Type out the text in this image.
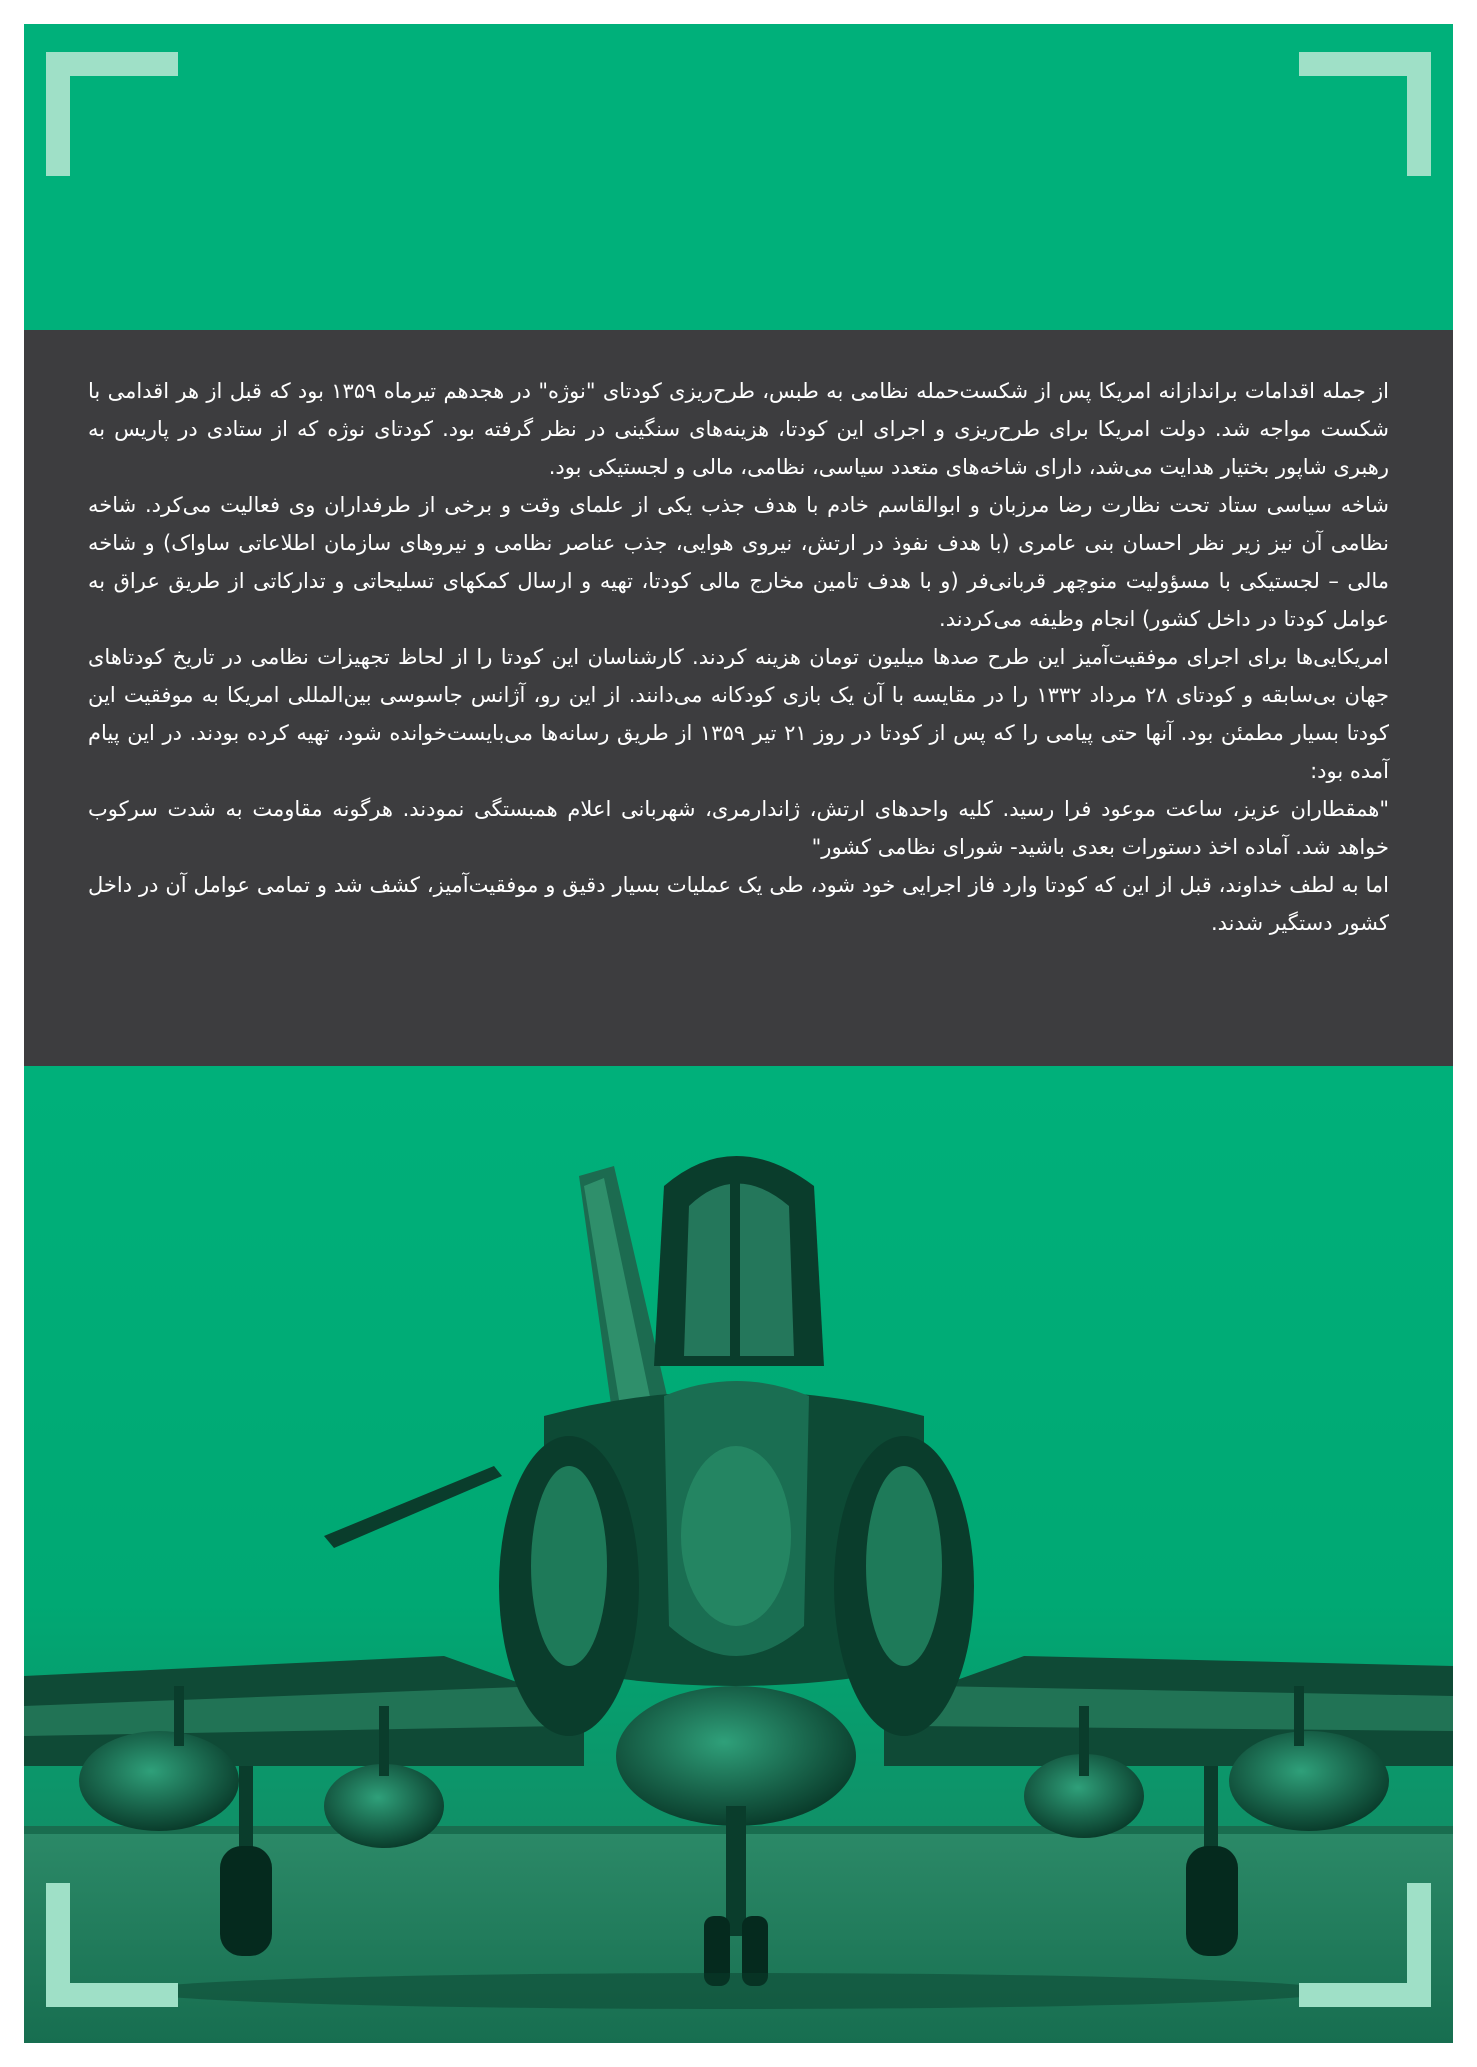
از جمله اقدامات براندازانه امریکا پس از شکست‌حمله نظامی به طبس، طرح‌ریزی کودتای "نوژه" در هجدهم تیرماه ۱۳۵۹ بود که قبل از هر اقدامی با شکست مواجه شد. دولت امریکا برای طرح‌ریزی و اجرای این کودتا، هزینه‌های سنگینی در نظر گرفته بود. کودتای نوژه که از ستادی در پاریس به رهبری شاپور بختیار هدایت می‌شد، دارای شاخه‌های متعدد سیاسی، نظامی، مالی و لجستیکی بود.

شاخه سیاسی ستاد تحت نظارت رضا مرزبان و ابوالقاسم خادم با هدف جذب یکی از علمای وقت و برخی از طرفداران وی فعالیت می‌کرد. شاخه نظامی آن نیز زیر نظر احسان بنی عامری (با هدف نفوذ در ارتش، نیروی هوایی، جذب عناصر نظامی و نیروهای سازمان اطلاعاتی ساواک) و شاخه مالی – لجستیکی با مسؤولیت منوچهر قربانی‌فر (و با هدف تامین مخارج مالی کودتا، تهیه و ارسال کمکهای تسلیحاتی و تدارکاتی از طریق عراق به عوامل کودتا در داخل کشور) انجام وظیفه می‌کردند.

امریکایی‌ها برای اجرای موفقیت‌آمیز این طرح صدها میلیون تومان هزینه کردند. کارشناسان این کودتا را از لحاظ تجهیزات نظامی در تاریخ کودتاهای جهان بی‌سابقه و کودتای ۲۸ مرداد ۱۳۳۲ را در مقایسه با آن یک بازی کودکانه می‌دانند. از این رو، آژانس جاسوسی بین‌المللی امریکا به موفقیت این کودتا بسیار مطمئن بود. آنها حتی پیامی را که پس از کودتا در روز ۲۱ تیر ۱۳۵۹ از طریق رسانه‌ها می‌بایست‌خوانده شود، تهیه کرده بودند. در این پیام آمده بود:

"همقطاران عزیز، ساعت موعود فرا رسید. کلیه واحدهای ارتش، ژاندارمری، شهربانی اعلام همبستگی نمودند. هرگونه مقاومت به شدت سرکوب خواهد شد. آماده اخذ دستورات بعدی باشید- شورای نظامی کشور"

اما به لطف خداوند، قبل از این که کودتا وارد فاز اجرایی خود شود، طی یک عملیات بسیار دقیق و موفقیت‌آمیز، کشف شد و تمامی عوامل آن در داخل کشور دستگیر شدند.
